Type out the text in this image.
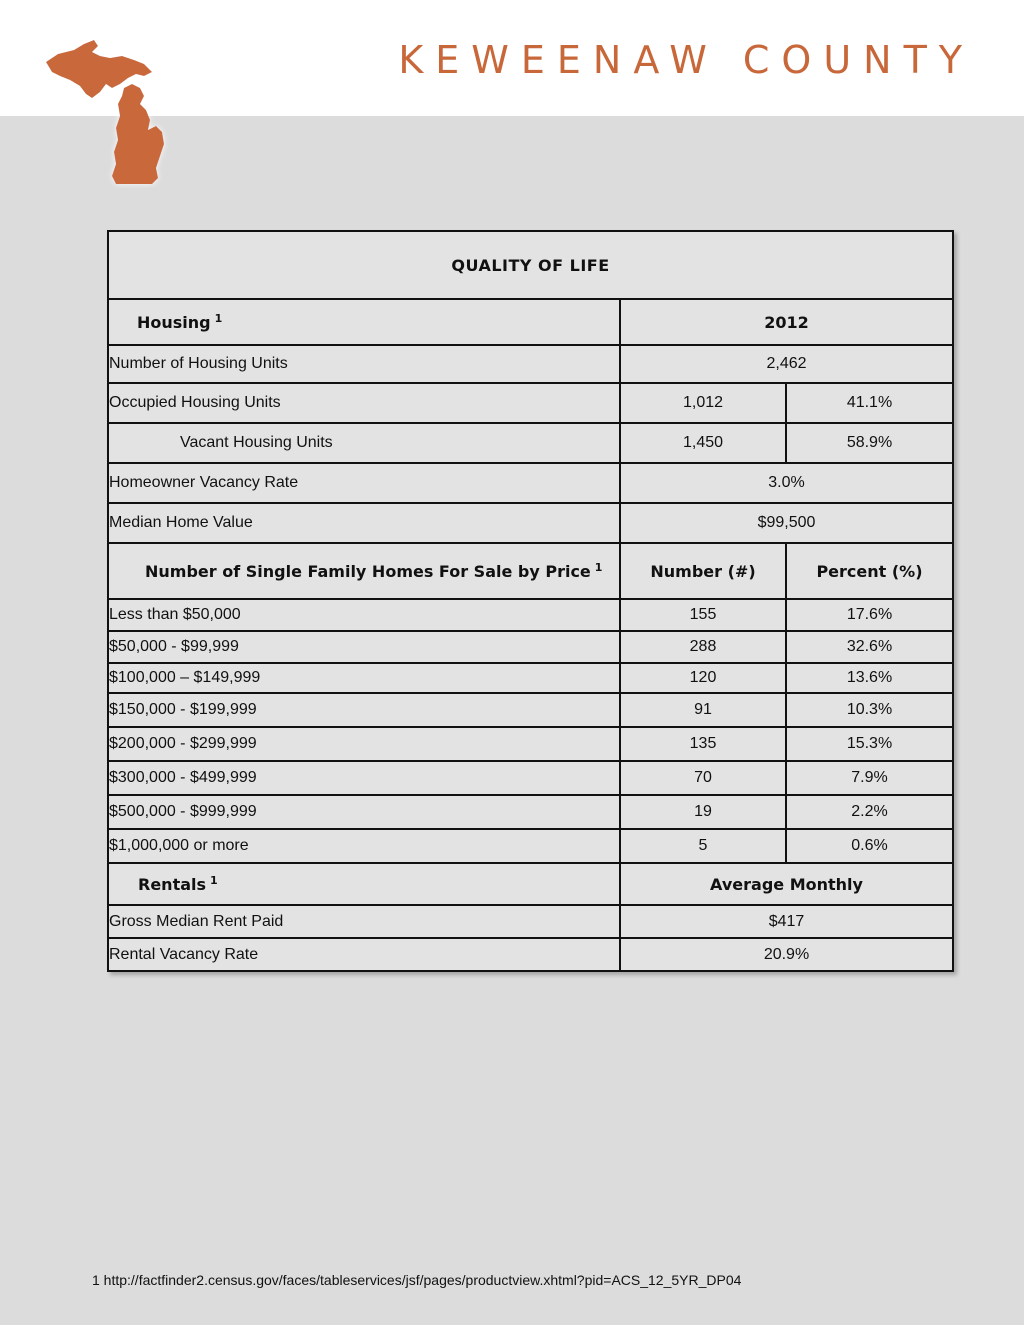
KEWEENAW COUNTY
QUALITY OF LIFE		
Housing $^1$	2012	
Number of Housing Units	2,462	
Occupied Housing Units	1,012	41.1%
Vacant Housing Units	1,450	58.9%
Homeowner Vacancy Rate	3.0%	
Median Home Value	$99,500	
Number of Single Family Homes For Sale by Price $^1$	Number (#)	Percent (%)
Less than $50,000	155	17.6%
$50,000 - $99,999	288	32.6%
$100,000 – $149,999	120	13.6%
$150,000 - $199,999	91	10.3%
$200,000 - $299,999	135	15.3%
$300,000 - $499,999	70	7.9%
$500,000 - $999,999	19	2.2%
$1,000,000 or more	5	0.6%
Rentals $^1$	Average Monthly	
Gross Median Rent Paid	$417	
Rental Vacancy Rate	20.9%	
1 http://factfinder2.census.gov/faces/tableservices/jsf/pages/productview.xhtml?pid=ACS_12_5YR_DP04
